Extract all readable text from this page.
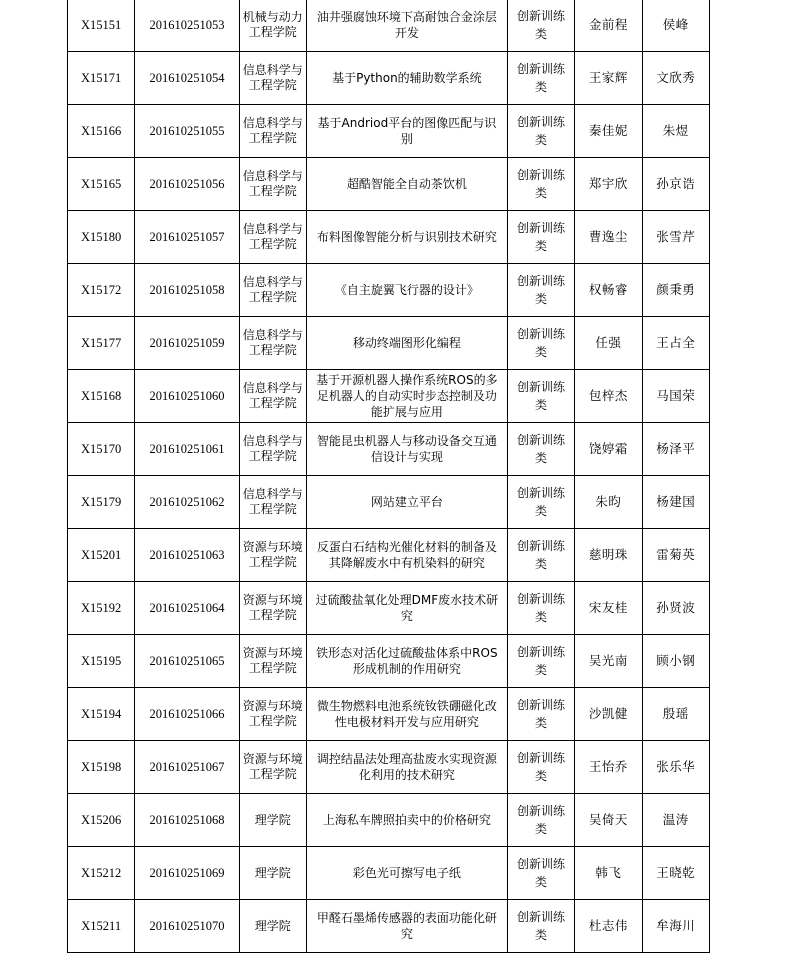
X15151	201610251053	机械与动力工程学院	油井强腐蚀环境下高耐蚀合金涂层开发	创新训练类	金前程	侯峰
X15171	201610251054	信息科学与工程学院	基于Python的辅助数学系统	创新训练类	王家辉	文欣秀
X15166	201610251055	信息科学与工程学院	基于Andriod平台的图像匹配与识别	创新训练类	秦佳妮	朱煜
X15165	201610251056	信息科学与工程学院	超酷智能全自动茶饮机	创新训练类	郑宇欣	孙京诰
X15180	201610251057	信息科学与工程学院	布料图像智能分析与识别技术研究	创新训练类	曹逸尘	张雪芹
X15172	201610251058	信息科学与工程学院	《自主旋翼飞行器的设计》	创新训练类	权畅睿	颜秉勇
X15177	201610251059	信息科学与工程学院	移动终端图形化编程	创新训练类	任强	王占全
X15168	201610251060	信息科学与工程学院	基于开源机器人操作系统ROS的多足机器人的自动实时步态控制及功能扩展与应用	创新训练类	包梓杰	马国荣
X15170	201610251061	信息科学与工程学院	智能昆虫机器人与移动设备交互通信设计与实现	创新训练类	饶婷霜	杨泽平
X15179	201610251062	信息科学与工程学院	网站建立平台	创新训练类	朱昀	杨建国
X15201	201610251063	资源与环境工程学院	反蛋白石结构光催化材料的制备及其降解废水中有机染料的研究	创新训练类	慈明珠	雷菊英
X15192	201610251064	资源与环境工程学院	过硫酸盐氧化处理DMF废水技术研究	创新训练类	宋友桂	孙贤波
X15195	201610251065	资源与环境工程学院	铁形态对活化过硫酸盐体系中ROS形成机制的作用研究	创新训练类	吴光南	顾小钢
X15194	201610251066	资源与环境工程学院	微生物燃料电池系统钕铁硼磁化改性电极材料开发与应用研究	创新训练类	沙凯健	殷瑶
X15198	201610251067	资源与环境工程学院	调控结晶法处理高盐废水实现资源化利用的技术研究	创新训练类	王怡乔	张乐华
X15206	201610251068	理学院	上海私车牌照拍卖中的价格研究	创新训练类	吴倚天	温涛
X15212	201610251069	理学院	彩色光可擦写电子纸	创新训练类	韩飞	王晓乾
X15211	201610251070	理学院	甲醛石墨烯传感器的表面功能化研究	创新训练类	杜志伟	牟海川
